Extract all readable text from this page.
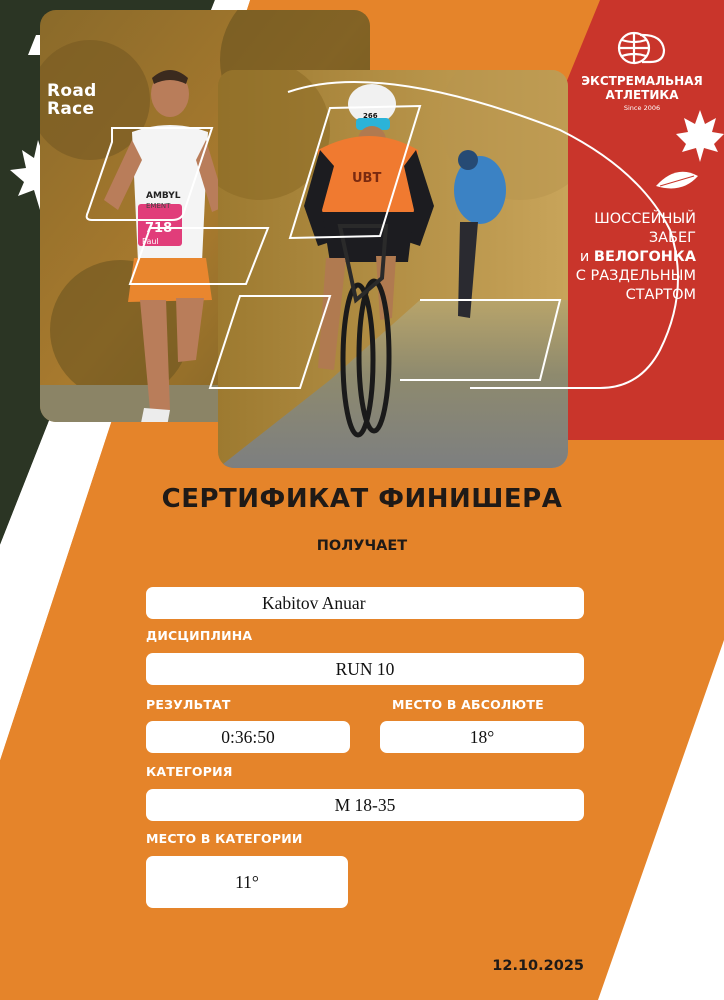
AMBYL
EMENT
718
Paul
266
UBT
Road
Race
ЭКСТРЕМАЛЬНАЯ
АТЛЕТИКА
Since 2006
ШОССЕЙНЫЙ
ЗАБЕГ
и ВЕЛОГОНКА
С РАЗДЕЛЬНЫМ
СТАРТОМ
СЕРТИФИКАТ ФИНИШЕРА
ПОЛУЧАЕТ
Kabitov Anuar
ДИСЦИПЛИНА
RUN 10
РЕЗУЛЬТАТ	МЕСТО В АБСОЛЮТЕ
0:36:50	18°
КАТЕГОРИЯ
M 18-35
МЕСТО В КАТЕГОРИИ
11°
12.10.2025
